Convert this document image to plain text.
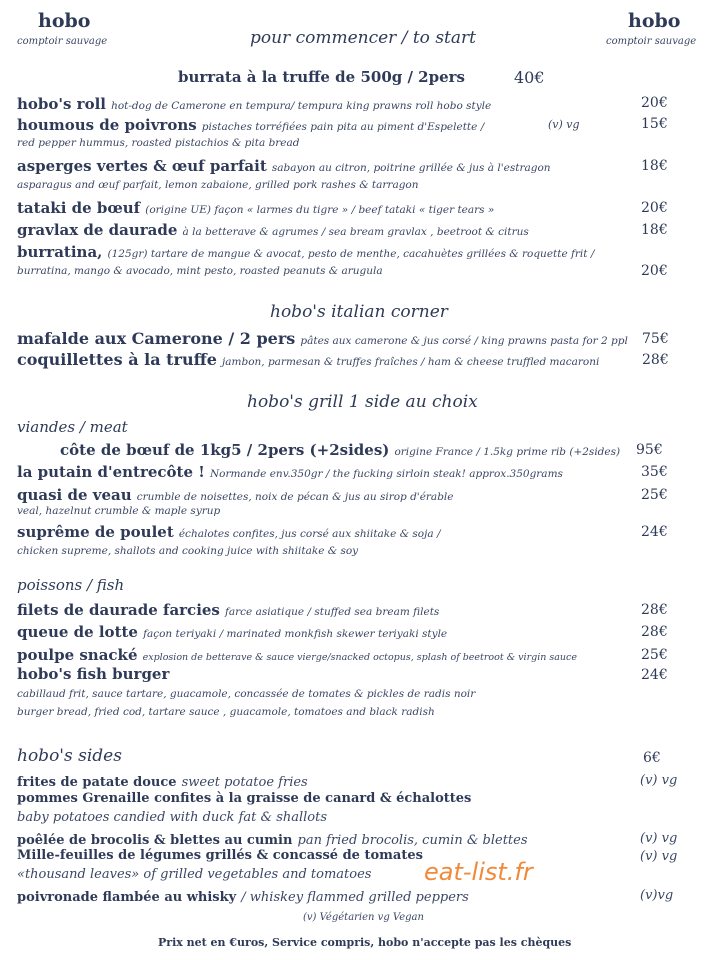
hobo
comptoir sauvage	pour commencer / to start
hobo
comptoir sauvage
burrata à la truffe de 500g / 2pers	40€
hobo's roll hot-dog de Camerone en tempura/ tempura king prawns roll hobo style	20€
houmous de poivrons pistaches torréfiées pain pita au piment d'Espelette /	(v) vg	15€
red pepper hummus, roasted pistachios & pita bread
asperges vertes & œuf parfait sabayon au citron, poitrine grillée & jus à l'estragon	18€
asparagus and œuf parfait, lemon zabaione, grilled pork rashes & tarragon
tataki de bœuf (origine UE) façon « larmes du tigre » / beef tataki « tiger tears »	20€
gravlax de daurade à la betterave & agrumes / sea bream gravlax , beetroot & citrus	18€
burratina, (125gr) tartare de mangue & avocat, pesto de menthe, cacahuètes grillées & roquette frit /
burratina, mango & avocado, mint pesto, roasted peanuts & arugula	20€
hobo's italian corner
mafalde aux Camerone / 2 pers pâtes aux camerone & jus corsé / king prawns pasta for 2 ppl 75€
coquillettes à la truffe jambon, parmesan & truffes fraîches / ham & cheese truffled macaroni	28€
hobo's grill 1 side au choix
viandes / meat
côte de bœuf de 1kg5 / 2pers (+2sides) origine France / 1.5kg prime rib (+2sides) 95€
la putain d'entrecôte ! Normande env.350gr / the fucking sirloin steak! approx.350grams	35€
quasi de veau crumble de noisettes, noix de pécan & jus au sirop d'érable	25€
veal, hazelnut crumble & maple syrup
suprême de poulet échalotes confites, jus corsé aux shiitake & soja /	24€
chicken supreme, shallots and cooking juice with shiitake & soy
poissons / fish
filets de daurade farcies farce asiatique / stuffed sea bream filets	28€
queue de lotte façon teriyaki / marinated monkfish skewer teriyaki style	28€
poulpe snacké explosion de betterave & sauce vierge/snacked octopus, splash of beetroot & virgin sauce	25€
hobo's fish burger	24€
cabillaud frit, sauce tartare, guacamole, concassée de tomates & pickles de radis noir
burger bread, fried cod, tartare sauce , guacamole, tomatoes and black radish
hobo's sides	6€
frites de patate douce sweet potatoe fries	(v) vg
pommes Grenaille confites à la graisse de canard & échalottes
baby potatoes candied with duck fat & shallots
poêlée de brocolis & blettes au cumin pan fried brocolis, cumin & blettes	(v) vg
Mille-feuilles de légumes grillés & concassé de tomates	(v) vg
«thousand leaves» of grilled vegetables and tomatoes
poivronade flambée au whisky / whiskey flammed grilled peppers	(v)vg
(v) Végétarien vg Vegan
eat-list.fr
Prix net en €uros, Service compris, hobo n'accepte pas les chèques
